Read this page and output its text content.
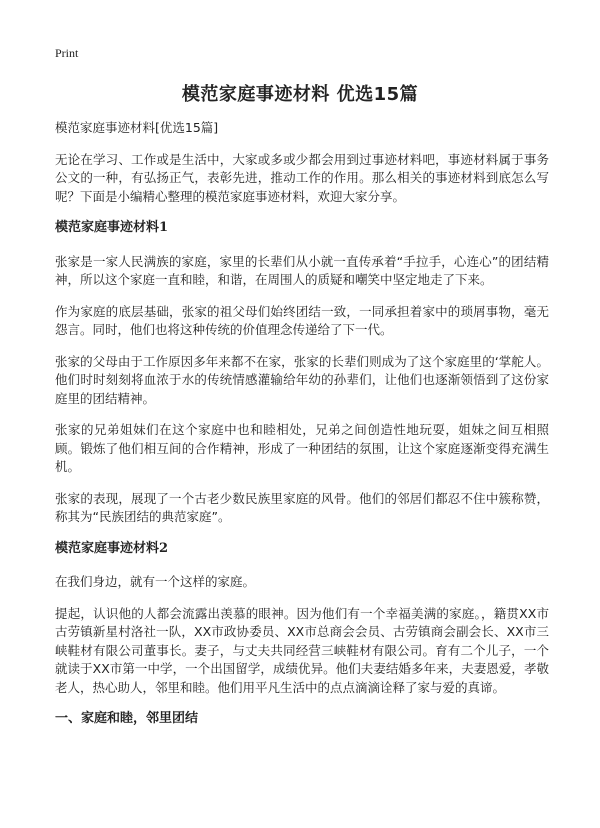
Print
模范家庭事迹材料 优选15篇

模范家庭事迹材料[优选15篇]

无论在学习、工作或是生活中，大家或多或少都会用到过事迹材料吧，事迹材料属于事务公文的一种，有弘扬正气，表彰先进，推动工作的作用。那么相关的事迹材料到底怎么写呢？下面是小编精心整理的模范家庭事迹材料，欢迎大家分享。

模范家庭事迹材料1

张家是一家人民满族的家庭，家里的长辈们从小就一直传承着“手拉手，心连心”的团结精神，所以这个家庭一直和睦，和谐，在周围人的质疑和嘲笑中坚定地走了下来。

作为家庭的底层基础，张家的祖父母们始终团结一致，一同承担着家中的琐屑事物，毫无怨言。同时，他们也将这种传统的价值理念传递给了下一代。

张家的父母由于工作原因多年来都不在家，张家的长辈们则成为了这个家庭里的‘掌舵人。他们时时刻刻将血浓于水的传统情感灌输给年幼的孙辈们，让他们也逐渐领悟到了这份家庭里的团结精神。

张家的兄弟姐妹们在这个家庭中也和睦相处，兄弟之间创造性地玩耍，姐妹之间互相照顾。锻炼了他们相互间的合作精神，形成了一种团结的氛围，让这个家庭逐渐变得充满生机。

张家的表现，展现了一个古老少数民族里家庭的风骨。他们的邻居们都忍不住中簇称赞，称其为“民族团结的典范家庭”。

模范家庭事迹材料2

在我们身边，就有一个这样的家庭。

提起，认识他的人都会流露出羡慕的眼神。因为他们有一个幸福美满的家庭。，籍贯XX市古劳镇新星村洛社一队，XX市政协委员、XX市总商会会员、古劳镇商会副会长、XX市三峡鞋材有限公司董事长。妻子，与丈夫共同经营三峡鞋材有限公司。育有二个儿子，一个就读于XX市第一中学，一个出国留学，成绩优异。他们夫妻结婚多年来，夫妻恩爱，孝敬老人，热心助人，邻里和睦。他们用平凡生活中的点点滴滴诠释了家与爱的真谛。

一、家庭和睦，邻里团结
